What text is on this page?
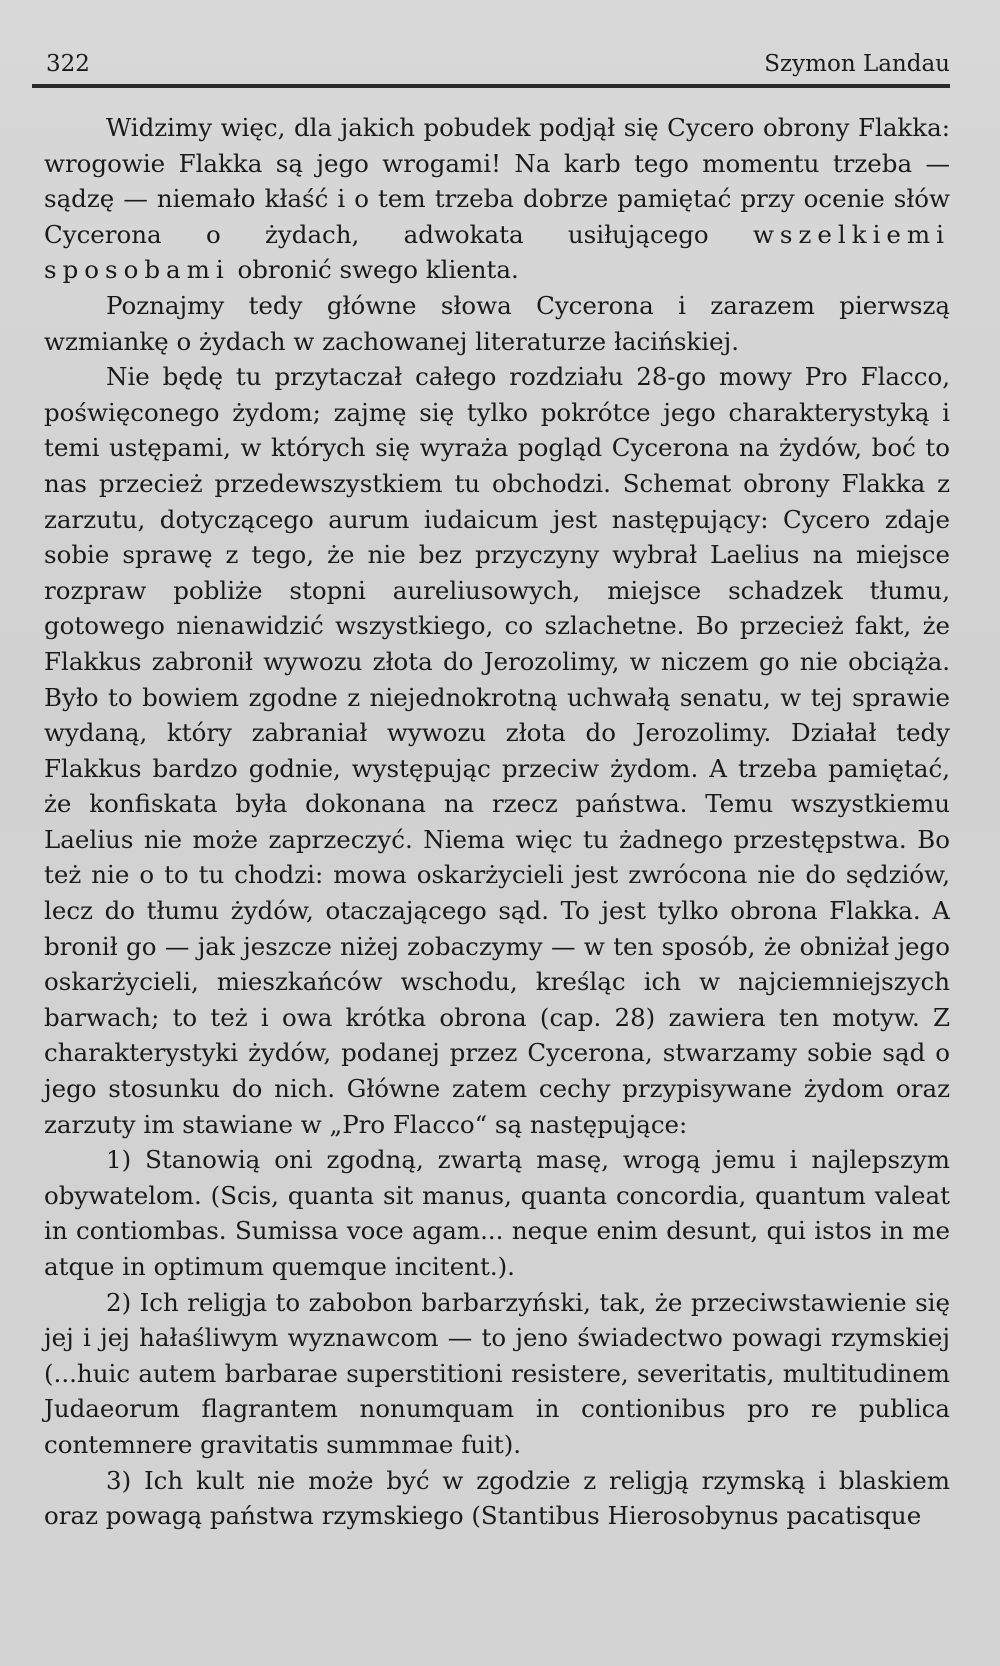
322	Szymon Landau

Widzimy więc, dla jakich pobudek podjął się Cycero obrony Flakka: wrogowie Flakka są jego wrogami! Na karb tego momentu trzeba — sądzę — niemało kłaść i o tem trzeba dobrze pamiętać przy ocenie słów Cycerona o żydach, adwokata usiłującego wszelkiemi sposobami obronić swego klienta.

Poznajmy tedy główne słowa Cycerona i zarazem pierwszą wzmiankę o żydach w zachowanej literaturze łacińskiej.

Nie będę tu przytaczał całego rozdziału 28-go mowy Pro Flacco, poświęconego żydom; zajmę się tylko pokrótce jego charakterystyką i temi ustępami, w których się wyraża pogląd Cycerona na żydów, boć to nas przecież przedewszystkiem tu obchodzi. Schemat obrony Flakka z zarzutu, dotyczącego aurum iudaicum jest następujący: Cycero zdaje sobie sprawę z tego, że nie bez przyczyny wybrał Laelius na miejsce rozpraw pobliże stopni aureliusowych, miejsce schadzek tłumu, gotowego nienawidzić wszystkiego, co szlachetne. Bo przecież fakt, że Flakkus zabronił wywozu złota do Jerozolimy, w niczem go nie obciąża. Było to bowiem zgodne z niejednokrotną uchwałą senatu, w tej sprawie wydaną, który zabraniał wywozu złota do Jerozolimy. Działał tedy Flakkus bardzo godnie, występując przeciw żydom. A trzeba pamiętać, że konfiskata była dokonana na rzecz państwa. Temu wszystkiemu Laelius nie może zaprzeczyć. Niema więc tu żadnego przestępstwa. Bo też nie o to tu chodzi: mowa oskarżycieli jest zwrócona nie do sędziów, lecz do tłumu żydów, otaczającego sąd. To jest tylko obrona Flakka. A bronił go — jak jeszcze niżej zobaczymy — w ten sposób, że obniżał jego oskarżycieli, mieszkańców wschodu, kreśląc ich w najciemniejszych barwach; to też i owa krótka obrona (cap. 28) zawiera ten motyw. Z charakterystyki żydów, podanej przez Cycerona, stwarzamy sobie sąd o jego stosunku do nich. Główne zatem cechy przypisywane żydom oraz zarzuty im stawiane w „Pro Flacco“ są następujące:

1) Stanowią oni zgodną, zwartą masę, wrogą jemu i najlepszym obywatelom. (Scis, quanta sit manus, quanta concordia, quantum valeat in contiombas. Sumissa voce agam... neque enim desunt, qui istos in me atque in optimum quemque incitent.).

2) Ich religja to zabobon barbarzyński, tak, że przeciwstawienie się jej i jej hałaśliwym wyznawcom — to jeno świadectwo powagi rzymskiej (...huic autem barbarae superstitioni resistere, severitatis, multitudinem Judaeorum flagrantem nonumquam in contionibus pro re publica contemnere gravitatis summmae fuit).

3) Ich kult nie może być w zgodzie z religją rzymską i blaskiem oraz powagą państwa rzymskiego (Stantibus Hierosobynus pacatisque
